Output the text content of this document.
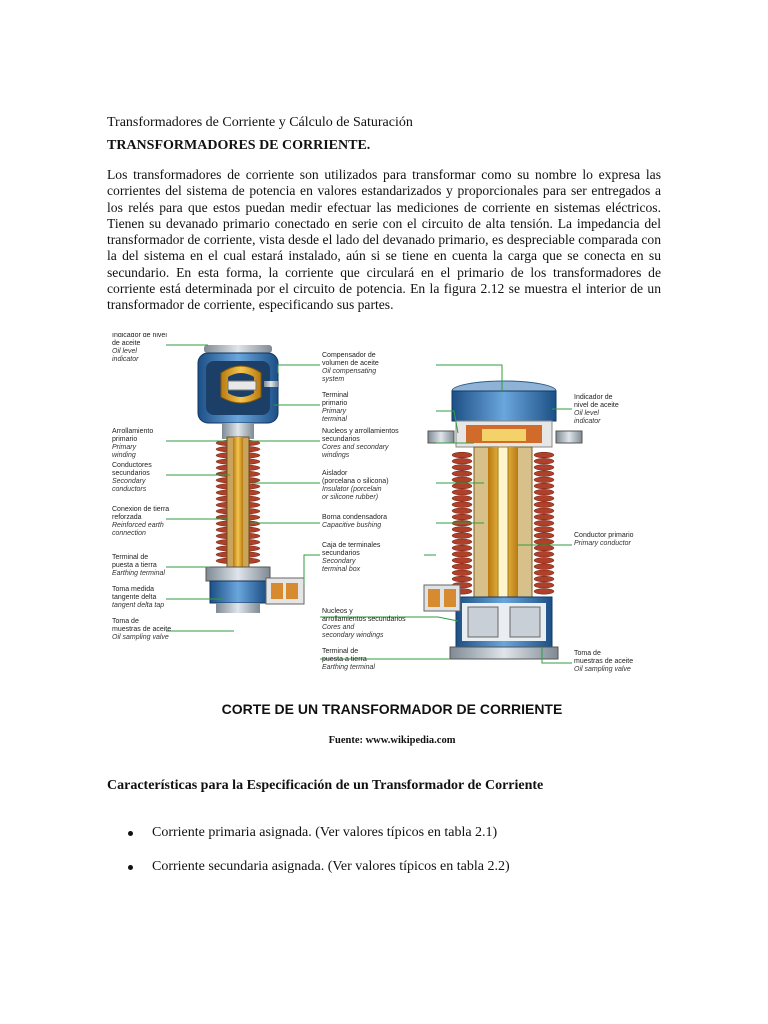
Transformadores de Corriente y Cálculo de Saturación
TRANSFORMADORES DE CORRIENTE.
Los transformadores de corriente son utilizados para transformar como su nombre lo expresa las corrientes del sistema de potencia en valores estandarizados y proporcionales para ser entregados a los relés para que estos puedan medir efectuar las mediciones de corriente en sistemas eléctricos. Tienen su devanado primario conectado en serie con el circuito de alta tensión. La impedancia del transformador de corriente, vista desde el lado del devanado primario, es despreciable comparada con la del sistema en el cual estará instalado, aún si se tiene en cuenta la carga que se conecta en su secundario. En esta forma, la corriente que circulará en el primario de los transformadores de corriente está determinada por el circuito de potencia. En la figura 2.12 se muestra el interior de un transformador de corriente, especificando sus partes.
Indicador de nivel de aceite Oil level indicator
Arrollamiento primario Primary winding
Conductores secundarios Secondary conductors
Conexion de tierra reforzada Reinforced earth connection
Terminal de puesta a tierra Earthing terminal
Toma medida tangente delta tangent delta tap
Toma de muestras de aceite Oil sampling valve
Compensador de volumen de aceite Oil compensating system
Terminal primario Primary terminal
Nucleos y arrollamientos secundarios Cores and secondary windings
Aislador (porcelana o silicona) Insulator (porcelain or silicone rubber)
Borna condensadora Capacitive bushing
Caja de terminales secundarios Secondary terminal box
Nucleos y arrollamientos secundarios Cores and secondary windings
Terminal de puesta a tierra Earthing terminal
Indicador de nivel de aceite Oil level indicator
Conductor primario Primary conductor
Toma de muestras de aceite Oil sampling valve
CORTE DE UN TRANSFORMADOR DE CORRIENTE
Fuente: www.wikipedia.com
Características para la Especificación de un Transformador de Corriente
Corriente primaria asignada. (Ver valores típicos en tabla 2.1)
Corriente secundaria asignada. (Ver valores típicos en tabla 2.2)
